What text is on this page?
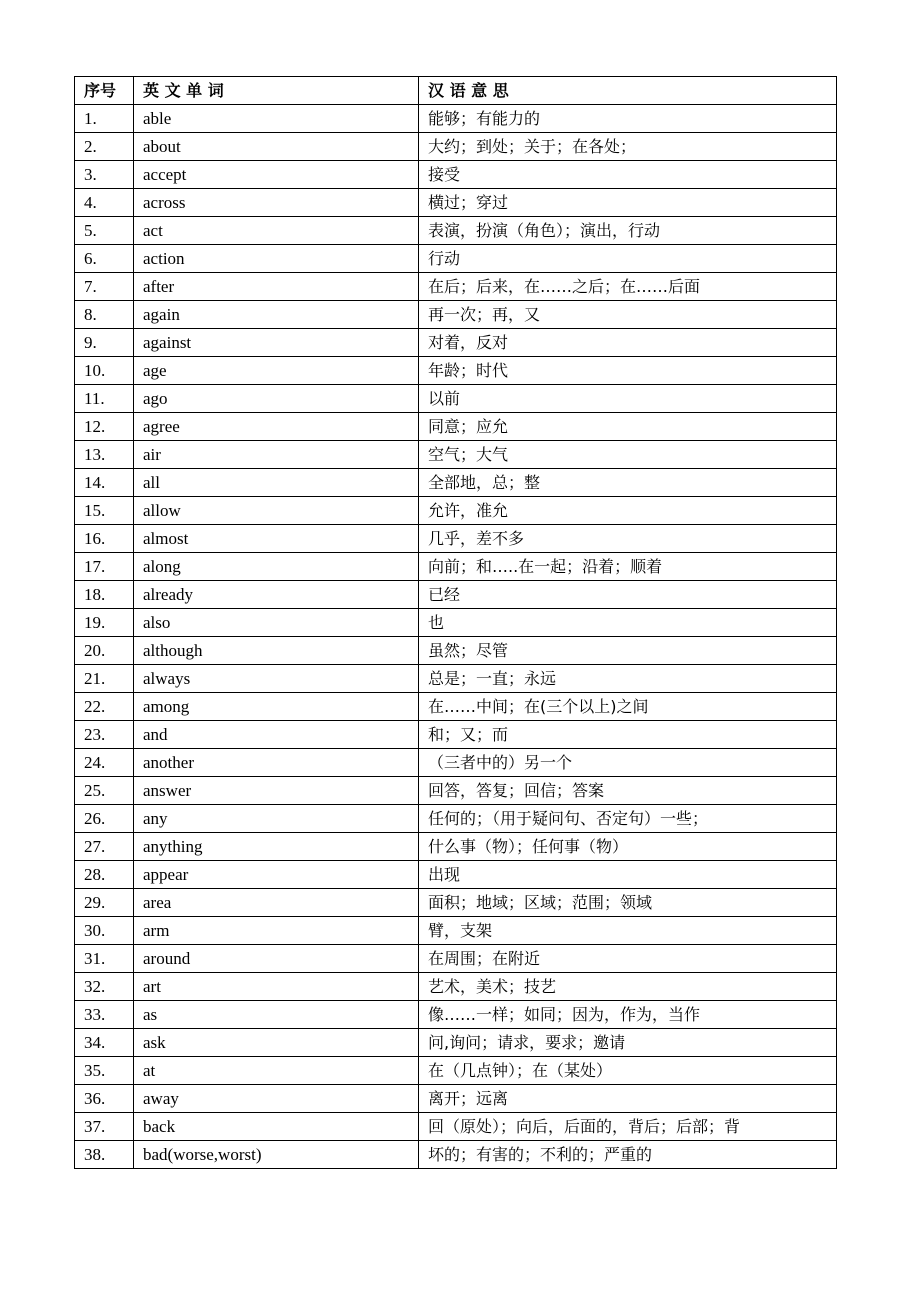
序号	英 文 单 词	汉 语 意 思
1.	able	能够；有能力的
2.	about	大约；到处；关于；在各处；
3.	accept	接受
4.	across	横过；穿过
5.	act	表演，扮演（角色）；演出，行动
6.	action	行动
7.	after	在后；后来，在……之后；在……后面
8.	again	再一次；再，又
9.	against	对着，反对
10.	age	年龄；时代
11.	ago	以前
12.	agree	同意；应允
13.	air	空气；大气
14.	all	全部地，总；整
15.	allow	允许，准允
16.	almost	几乎，差不多
17.	along	向前；和…..在一起；沿着；顺着
18.	already	已经
19.	also	也
20.	although	虽然；尽管
21.	always	总是；一直；永远
22.	among	在……中间；在(三个以上)之间
23.	and	和；又；而
24.	another	（三者中的）另一个
25.	answer	回答，答复；回信；答案
26.	any	任何的；（用于疑问句、否定句）一些；
27.	anything	什么事（物）；任何事（物）
28.	appear	出现
29.	area	面积；地域；区域；范围；领域
30.	arm	臂，支架
31.	around	在周围；在附近
32.	art	艺术，美术；技艺
33.	as	像……一样；如同；因为，作为，当作
34.	ask	问,询问；请求，要求；邀请
35.	at	在（几点钟）；在（某处）
36.	away	离开；远离
37.	back	回（原处）；向后，后面的，背后；后部；背
38.	bad(worse,worst)	坏的；有害的；不利的；严重的
